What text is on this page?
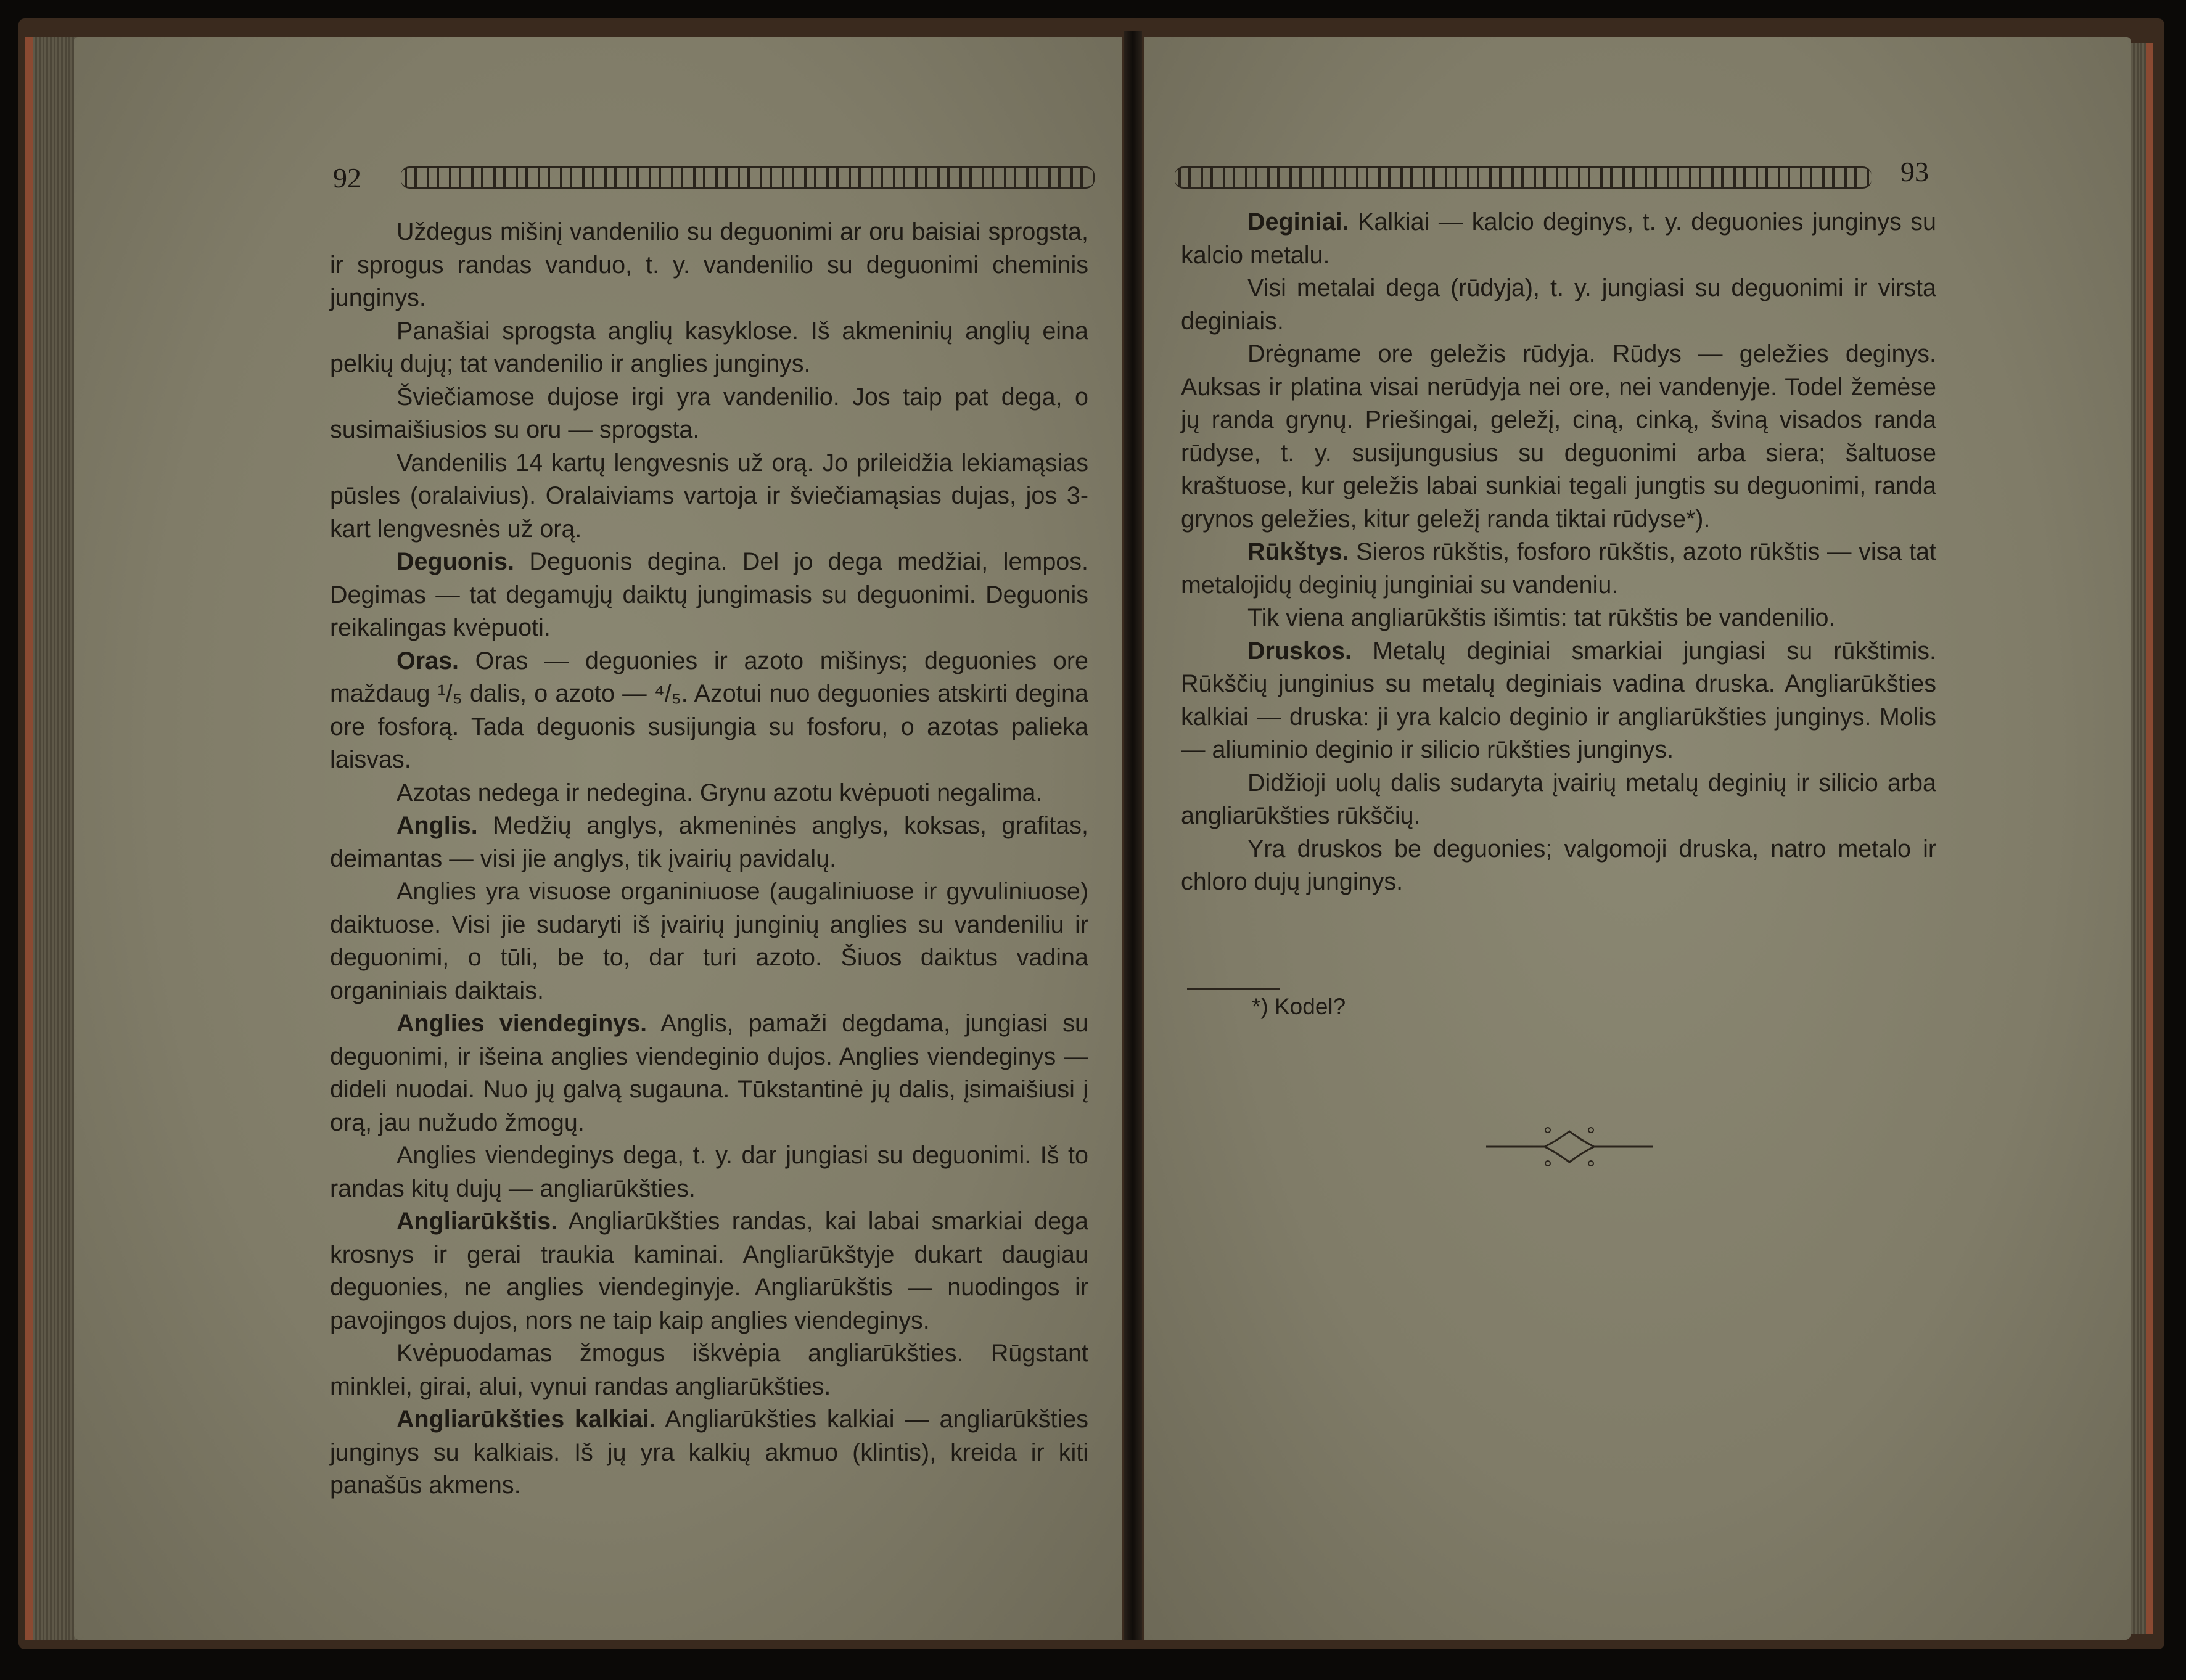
92	93

Uždegus mišinį vandenilio su deguonimi ar oru baisiai sprogsta, ir sprogus randas vanduo, t. y. vandenilio su deguonimi cheminis junginys.

Panašiai sprogsta anglių kasyklose. Iš akmeninių anglių eina pelkių dujų; tat vandenilio ir anglies junginys.

Šviečiamose dujose irgi yra vandenilio. Jos taip pat dega, o susimaišiusios su oru — sprogsta.

Vandenilis 14 kartų lengvesnis už orą. Jo prileidžia lekiamąsias pūsles (oralaivius). Oralaiviams vartoja ir šviečiamąsias dujas, jos 3-kart lengvesnės už orą.

Deguonis. Deguonis degina. Del jo dega medžiai, lempos. Degimas — tat degamųjų daiktų jungimasis su deguonimi. Deguonis reikalingas kvėpuoti.

Oras. Oras — deguonies ir azoto mišinys; deguonies ore maždaug ¹/₅ dalis, o azoto — ⁴/₅. Azotui nuo deguonies atskirti degina ore fosforą. Tada deguonis susijungia su fosforu, o azotas palieka laisvas.

Azotas nedega ir nedegina. Grynu azotu kvėpuoti negalima.

Anglis. Medžių anglys, akmeninės anglys, koksas, grafitas, deimantas — visi jie anglys, tik įvairių pavidalų.

Anglies yra visuose organiniuose (augaliniuose ir gyvuliniuose) daiktuose. Visi jie sudaryti iš įvairių junginių anglies su vandeniliu ir deguonimi, o tūli, be to, dar turi azoto. Šiuos daiktus vadina organiniais daiktais.

Anglies viendeginys. Anglis, pamaži degdama, jungiasi su deguonimi, ir išeina anglies viendeginio dujos. Anglies viendeginys — dideli nuodai. Nuo jų galvą sugauna. Tūkstantinė jų dalis, įsimaišiusi į orą, jau nužudo žmogų.

Anglies viendeginys dega, t. y. dar jungiasi su deguonimi. Iš to randas kitų dujų — angliarūkšties.

Angliarūkštis. Angliarūkšties randas, kai labai smarkiai dega krosnys ir gerai traukia kaminai. Angliarūkštyje dukart daugiau deguonies, ne anglies viendeginyje. Angliarūkštis — nuodingos ir pavojingos dujos, nors ne taip kaip anglies viendeginys.

Kvėpuodamas žmogus iškvėpia angliarūkšties. Rūgstant minklei, girai, alui, vynui randas angliarūkšties.

Angliarūkšties kalkiai. Angliarūkšties kalkiai — angliarūkšties junginys su kalkiais. Iš jų yra kalkių akmuo (klintis), kreida ir kiti panašūs akmens.

Deginiai. Kalkiai — kalcio deginys, t. y. deguonies junginys su kalcio metalu.

Visi metalai dega (rūdyja), t. y. jungiasi su deguonimi ir virsta deginiais.

Drėgname ore geležis rūdyja. Rūdys — geležies deginys. Auksas ir platina visai nerūdyja nei ore, nei vandenyje. Todel žemėse jų randa grynų. Priešingai, geležį, ciną, cinką, šviną visados randa rūdyse, t. y. susijungusius su deguonimi arba siera; šaltuose kraštuose, kur geležis labai sunkiai tegali jungtis su deguonimi, randa grynos geležies, kitur geležį randa tiktai rūdyse*).

Rūkštys. Sieros rūkštis, fosforo rūkštis, azoto rūkštis — visa tat metalojidų deginių junginiai su vandeniu.

Tik viena angliarūkštis išimtis: tat rūkštis be vandenilio.

Druskos. Metalų deginiai smarkiai jungiasi su rūkštimis. Rūkščių junginius su metalų deginiais vadina druska. Angliarūkšties kalkiai — druska: ji yra kalcio deginio ir angliarūkšties junginys. Molis — aliuminio deginio ir silicio rūkšties junginys.

Didžioji uolų dalis sudaryta įvairių metalų deginių ir silicio arba angliarūkšties rūkščių.

Yra druskos be deguonies; valgomoji druska, natro metalo ir chloro dujų junginys.

*) Kodel?
